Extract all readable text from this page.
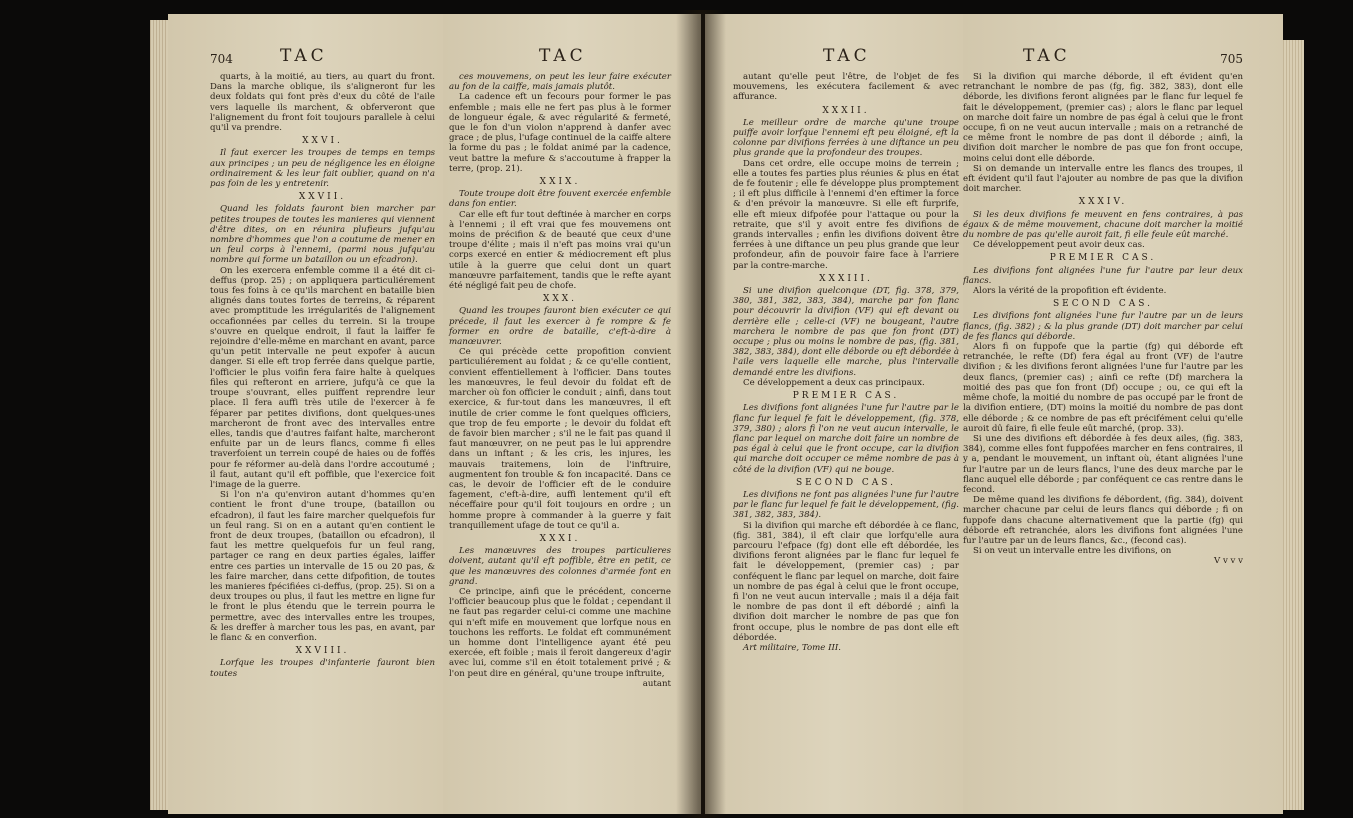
704	TAC

quarts, à la moitié, au tiers, au quart du front. Dans la marche oblique, ils s'aligneront fur les deux foldats qui font près d'eux du côté de l'aile vers laquelle ils marchent, & obferveront que l'alignement du front foit toujours parallele à celui qu'il va prendre.

XXVI.

Il faut exercer les troupes de temps en temps aux principes ; un peu de négligence les en éloigne ordinairement & les leur fait oublier, quand on n'a pas foin de les y entretenir.

XXVII.

Quand les foldats fauront bien marcher par petites troupes de toutes les manieres qui viennent d'être dites, on en réunira plufieurs jufqu'au nombre d'hommes que l'on a coutume de mener en un feul corps à l'ennemi, (parmi nous jufqu'au nombre qui forme un bataillon ou un efcadron).

On les exercera enfemble comme il a été dit ci-deffus (prop. 25) ; on appliquera particuliérement tous fes foins à ce qu'ils marchent en bataille bien alignés dans toutes fortes de terreins, & réparent avec promptitude les irrégularités de l'alignement occafionnées par celles du terrein. Si la troupe s'ouvre en quelque endroit, il faut la laiffer fe rejoindre d'elle-même en marchant en avant, parce qu'un petit intervalle ne peut expofer à aucun danger. Si elle eft trop ferrée dans quelque partie, l'officier le plus voifin fera faire halte à quelques files qui refteront en arriere, jufqu'à ce que la troupe s'ouvrant, elles puiffent reprendre leur place. Il fera auffi très utile de l'exercer à fe féparer par petites divifions, dont quelques-unes marcheront de front avec des intervalles entre elles, tandis que d'autres faifant halte, marcheront enfuite par un de leurs flancs, comme fi elles traverfoient un terrein coupé de haies ou de foffés pour fe réformer au-delà dans l'ordre accoutumé ; il faut, autant qu'il eft poffible, que l'exercice foit l'image de la guerre.

Si l'on n'a qu'environ autant d'hommes qu'en contient le front d'une troupe, (bataillon ou efcadron), il faut les faire marcher quelquefois fur un feul rang. Si on en a autant qu'en contient le front de deux troupes, (bataillon ou efcadron), il faut les mettre quelquefois fur un feul rang, partager ce rang en deux parties égales, laiffer entre ces parties un intervalle de 15 ou 20 pas, & les faire marcher, dans cette difpofition, de toutes les manieres fpécifiées ci-deffus, (prop. 25). Si on a deux troupes ou plus, il faut les mettre en ligne fur le front le plus étendu que le terrein pourra le permettre, avec des intervalles entre les troupes, & les dreffer à marcher tous les pas, en avant, par le flanc & en converfion.

XXVIII.

Lorfque les troupes d'infanterie fauront bien toutes

TAC

ces mouvemens, on peut les leur faire exécuter au fon de la caiffe, mais jamais plutôt.

La cadence eft un fecours pour former le pas enfemble ; mais elle ne fert pas plus à le former de longueur égale, & avec régularité & fermeté, que le fon d'un violon n'apprend à danfer avec grace ; de plus, l'ufage continuel de la caiffe altere la forme du pas ; le foldat animé par la cadence, veut battre la mefure & s'accoutume à frapper la terre, (prop. 21).

XXIX.

Toute troupe doit être fouvent exercée enfemble dans fon entier.

Car elle eft fur tout deftinée à marcher en corps à l'ennemi ; il eft vrai que fes mouvemens ont moins de précifion & de beauté que ceux d'une troupe d'élite ; mais il n'eft pas moins vrai qu'un corps exercé en entier & médiocrement eft plus utile à la guerre que celui dont un quart manœuvre parfaitement, tandis que le refte ayant été négligé fait peu de chofe.

XXX.

Quand les troupes fauront bien exécuter ce qui précede, il faut les exercer à fe rompre & fe former en ordre de bataille, c'eft-à-dire à manœuvrer.

Ce qui précède cette propofition convient particuliérement au foldat ; & ce qu'elle contient, convient effentiellement à l'officier. Dans toutes les manœuvres, le feul devoir du foldat eft de marcher où fon officier le conduit ; ainfi, dans tout exercice, & fur-tout dans les manœuvres, il eft inutile de crier comme le font quelques officiers, que trop de feu emporte ; le devoir du foldat eft de favoir bien marcher ; s'il ne le fait pas quand il faut manœuvrer, on ne peut pas le lui apprendre dans un inftant ; & les cris, les injures, les mauvais traitemens, loin de l'inftruire, augmentent fon trouble & fon incapacité. Dans ce cas, le devoir de l'officier eft de le conduire fagement, c'eft-à-dire, auffi lentement qu'il eft néceffaire pour qu'il foit toujours en ordre ; un homme propre à commander à la guerre y fait tranquillement ufage de tout ce qu'il a.

XXXI.

Les manœuvres des troupes particulieres doivent, autant qu'il eft poffible, être en petit, ce que les manœuvres des colonnes d'armée font en grand.

Ce principe, ainfi que le précédent, concerne l'officier beaucoup plus que le foldat ; cependant il ne faut pas regarder celui-ci comme une machine qui n'eft mife en mouvement que lorfque nous en touchons les refforts. Le foldat eft communément un homme dont l'intelligence ayant été peu exercée, eft foible ; mais il feroit dangereux d'agir avec lui, comme s'il en étoit totalement privé ; & l'on peut dire en général, qu'une troupe inftruite,

autant

TAC

autant qu'elle peut l'être, de l'objet de fes mouvemens, les exécutera facilement & avec affurance.

XXXII.

Le meilleur ordre de marche qu'une troupe puiffe avoir lorfque l'ennemi eft peu éloigné, eft la colonne par divifions ferrées à une diftance un peu plus grande que la profondeur des troupes.

Dans cet ordre, elle occupe moins de terrein ; elle a toutes fes parties plus réunies & plus en état de fe foutenir ; elle fe développe plus promptement ; il eft plus difficile à l'ennemi d'en eftimer la force & d'en prévoir la manœuvre. Si elle eft furprife, elle eft mieux difpofée pour l'attaque ou pour la retraite, que s'il y avoit entre fes divifions de grands intervalles ; enfin les divifions doivent être ferrées à une diftance un peu plus grande que leur profondeur, afin de pouvoir faire face à l'arriere par la contre-marche.

XXXIII.

Si une divifion quelconque (DT, fig. 378, 379, 380, 381, 382, 383, 384), marche par fon flanc pour découvrir la divifion (VF) qui eft devant ou derrière elle ; celle-ci (VF) ne bougeant, l'autre marchera le nombre de pas que fon front (DT) occupe ; plus ou moins le nombre de pas, (fig. 381, 382, 383, 384), dont elle déborde ou eft débordée à l'aile vers laquelle elle marche, plus l'intervalle demandé entre les divifions.

Ce développement a deux cas principaux.

PREMIER CAS.

Les divifions font alignées l'une fur l'autre par le flanc fur lequel fe fait le développement, (fig. 378, 379, 380) ; alors fi l'on ne veut aucun intervalle, le flanc par lequel on marche doit faire un nombre de pas égal à celui que le front occupe, car la divifion qui marche doit occuper ce même nombre de pas à côté de la divifion (VF) qui ne bouge.

SECOND CAS.

Les divifions ne font pas alignées l'une fur l'autre par le flanc fur lequel fe fait le développement, (fig. 381, 382, 383, 384).

Si la divifion qui marche eft débordée à ce flanc, (fig. 381, 384), il eft clair que lorfqu'elle aura parcouru l'efpace (fg) dont elle eft débordée, les divifions feront alignées par le flanc fur lequel fe fait le développement, (premier cas) ; par conféquent le flanc par lequel on marche, doit faire un nombre de pas égal à celui que le front occupe, fi l'on ne veut aucun intervalle ; mais il a déja fait le nombre de pas dont il eft débordé ; ainfi la divifion doit marcher le nombre de pas que fon front occupe, plus le nombre de pas dont elle eft débordée.

Art militaire, Tome III.

TAC	705

Si la divifion qui marche déborde, il eft évident qu'en retranchant le nombre de pas (fg, fig. 382, 383), dont elle déborde, les divifions feront alignées par le flanc fur lequel fe fait le développement, (premier cas) ; alors le flanc par lequel on marche doit faire un nombre de pas égal à celui que le front occupe, fi on ne veut aucun intervalle ; mais on a retranché de ce même front le nombre de pas dont il déborde ; ainfi, la divifion doit marcher le nombre de pas que fon front occupe, moins celui dont elle déborde.

Si on demande un intervalle entre les flancs des troupes, il eft évident qu'il faut l'ajouter au nombre de pas que la divifion doit marcher.

XXXIV.

Si les deux divifions fe meuvent en fens contraires, à pas égaux & de même mouvement, chacune doit marcher la moitié du nombre de pas qu'elle auroit fait, fi elle feule eût marché.

Ce développement peut avoir deux cas.

PREMIER CAS.

Les divifions font alignées l'une fur l'autre par leur deux flancs.

Alors la vérité de la propofition eft évidente.

SECOND CAS.

Les divifions font alignées l'une fur l'autre par un de leurs flancs, (fig. 382) ; & la plus grande (DT) doit marcher par celui de fes flancs qui déborde.

Alors fi on fuppofe que la partie (fg) qui déborde eft retranchée, le refte (Df) fera égal au front (VF) de l'autre divifion ; & les divifions feront alignées l'une fur l'autre par les deux flancs, (premier cas) ; ainfi ce refte (Df) marchera la moitié des pas que fon front (Df) occupe ; ou, ce qui eft la même chofe, la moitié du nombre de pas occupé par le front de la divifion entiere, (DT) moins la moitié du nombre de pas dont elle déborde ; & ce nombre de pas eft précifément celui qu'elle auroit dû faire, fi elle feule eût marché, (prop. 33).

Si une des divifions eft débordée à fes deux ailes, (fig. 383, 384), comme elles font fuppofées marcher en fens contraires, il y a, pendant le mouvement, un inftant où, étant alignées l'une fur l'autre par un de leurs flancs, l'une des deux marche par le flanc auquel elle déborde ; par conféquent ce cas rentre dans le fecond.

De même quand les divifions fe débordent, (fig. 384), doivent marcher chacune par celui de leurs flancs qui déborde ; fi on fuppofe dans chacune alternativement que la partie (fg) qui déborde eft retranchée, alors les divifions font alignées l'une fur l'autre par un de leurs flancs, &c., (fecond cas).

Si on veut un intervalle entre les divifions, on

V v v v
